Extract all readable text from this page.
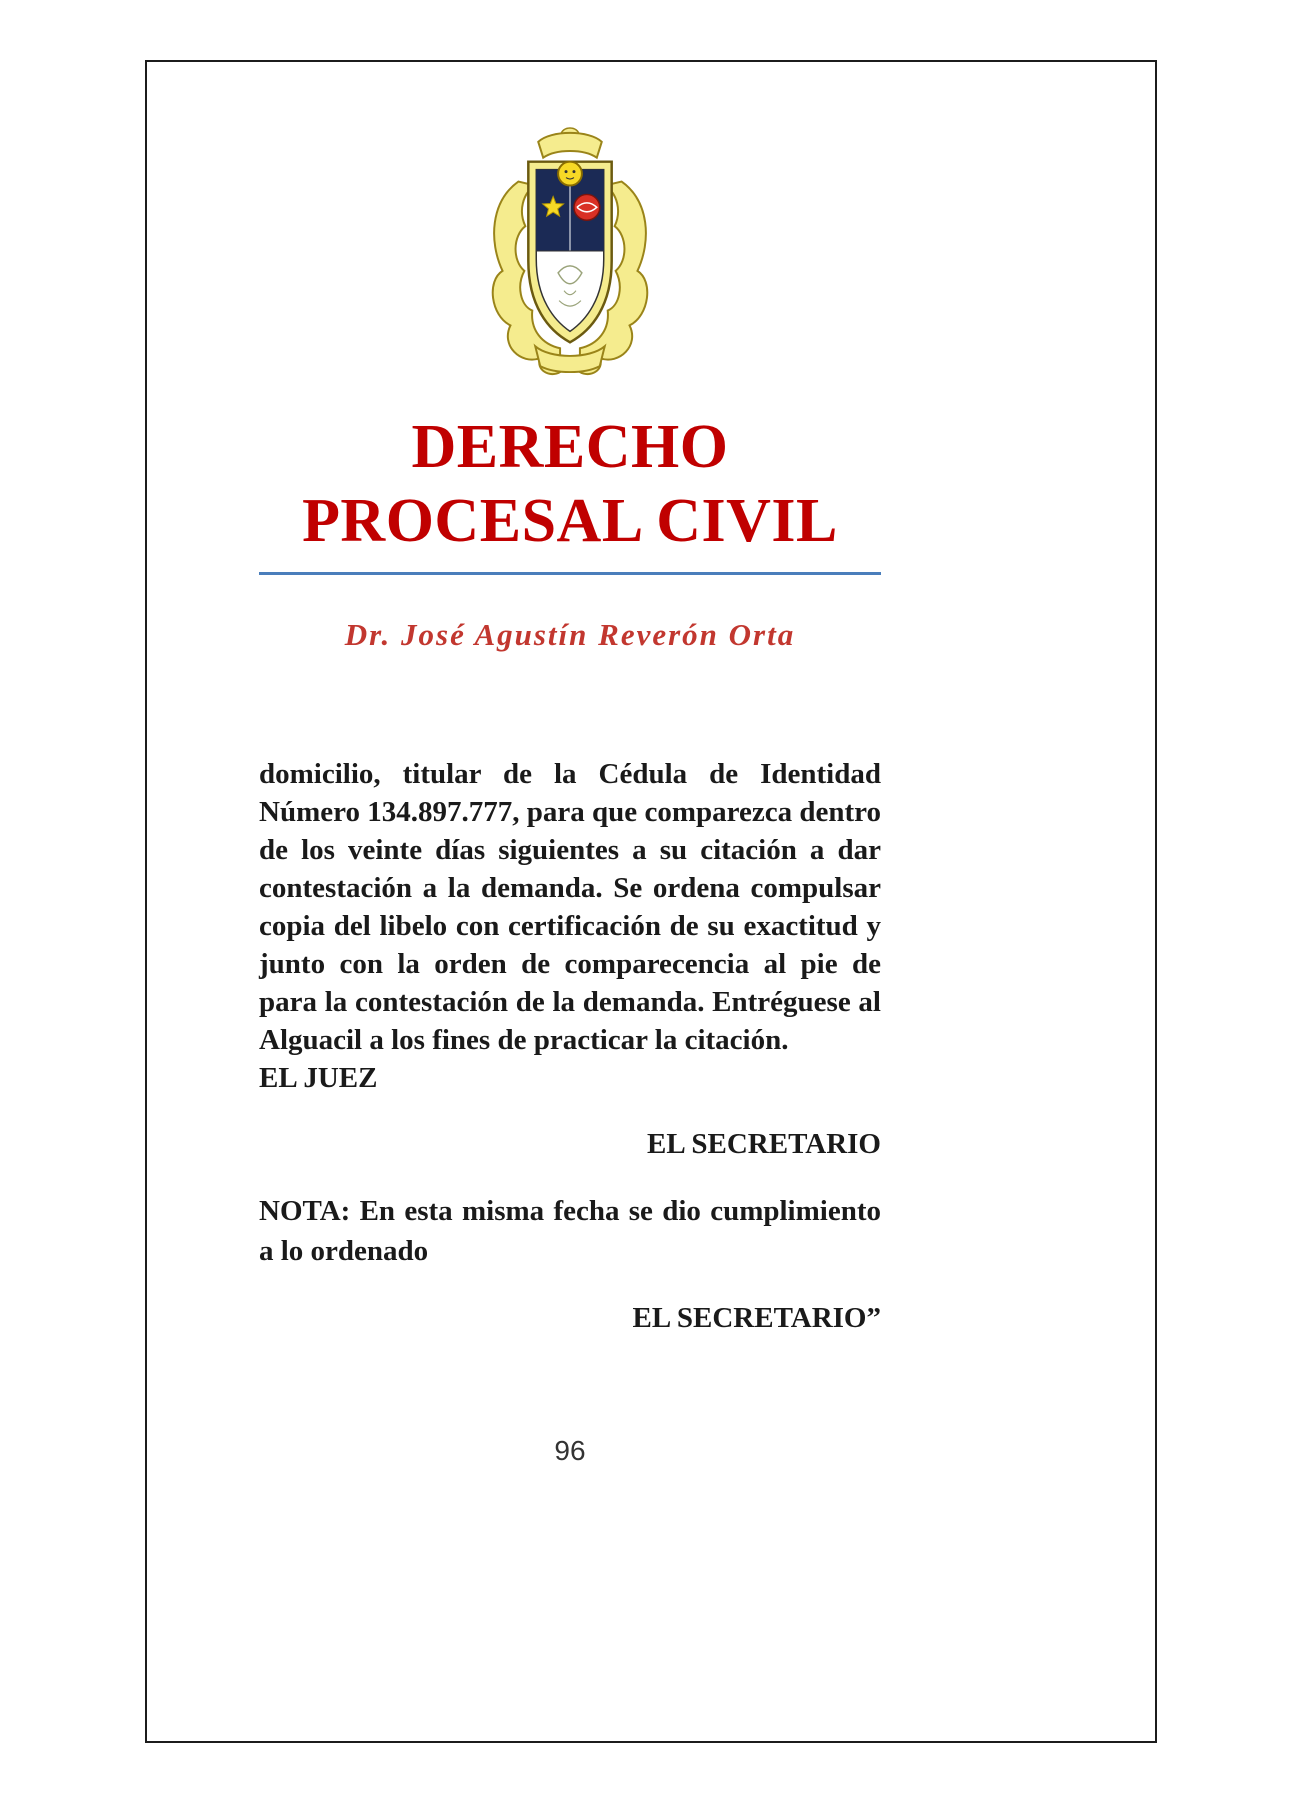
DERECHO
PROCESAL CIVIL
Dr. José Agustín Reverón Orta

domicilio, titular de la Cédula de Identidad Número 134.897.777, para que comparezca dentro de los veinte días siguientes a su citación a dar contestación a la demanda. Se ordena compulsar copia del libelo con certificación de su exactitud y junto con la orden de comparecencia al pie de para la contestación de la demanda. Entréguese al Alguacil a los fines de practicar la citación.

EL JUEZ
EL SECRETARIO

NOTA: En esta misma fecha se dio cumplimiento a lo ordenado

EL SECRETARIO”
96
